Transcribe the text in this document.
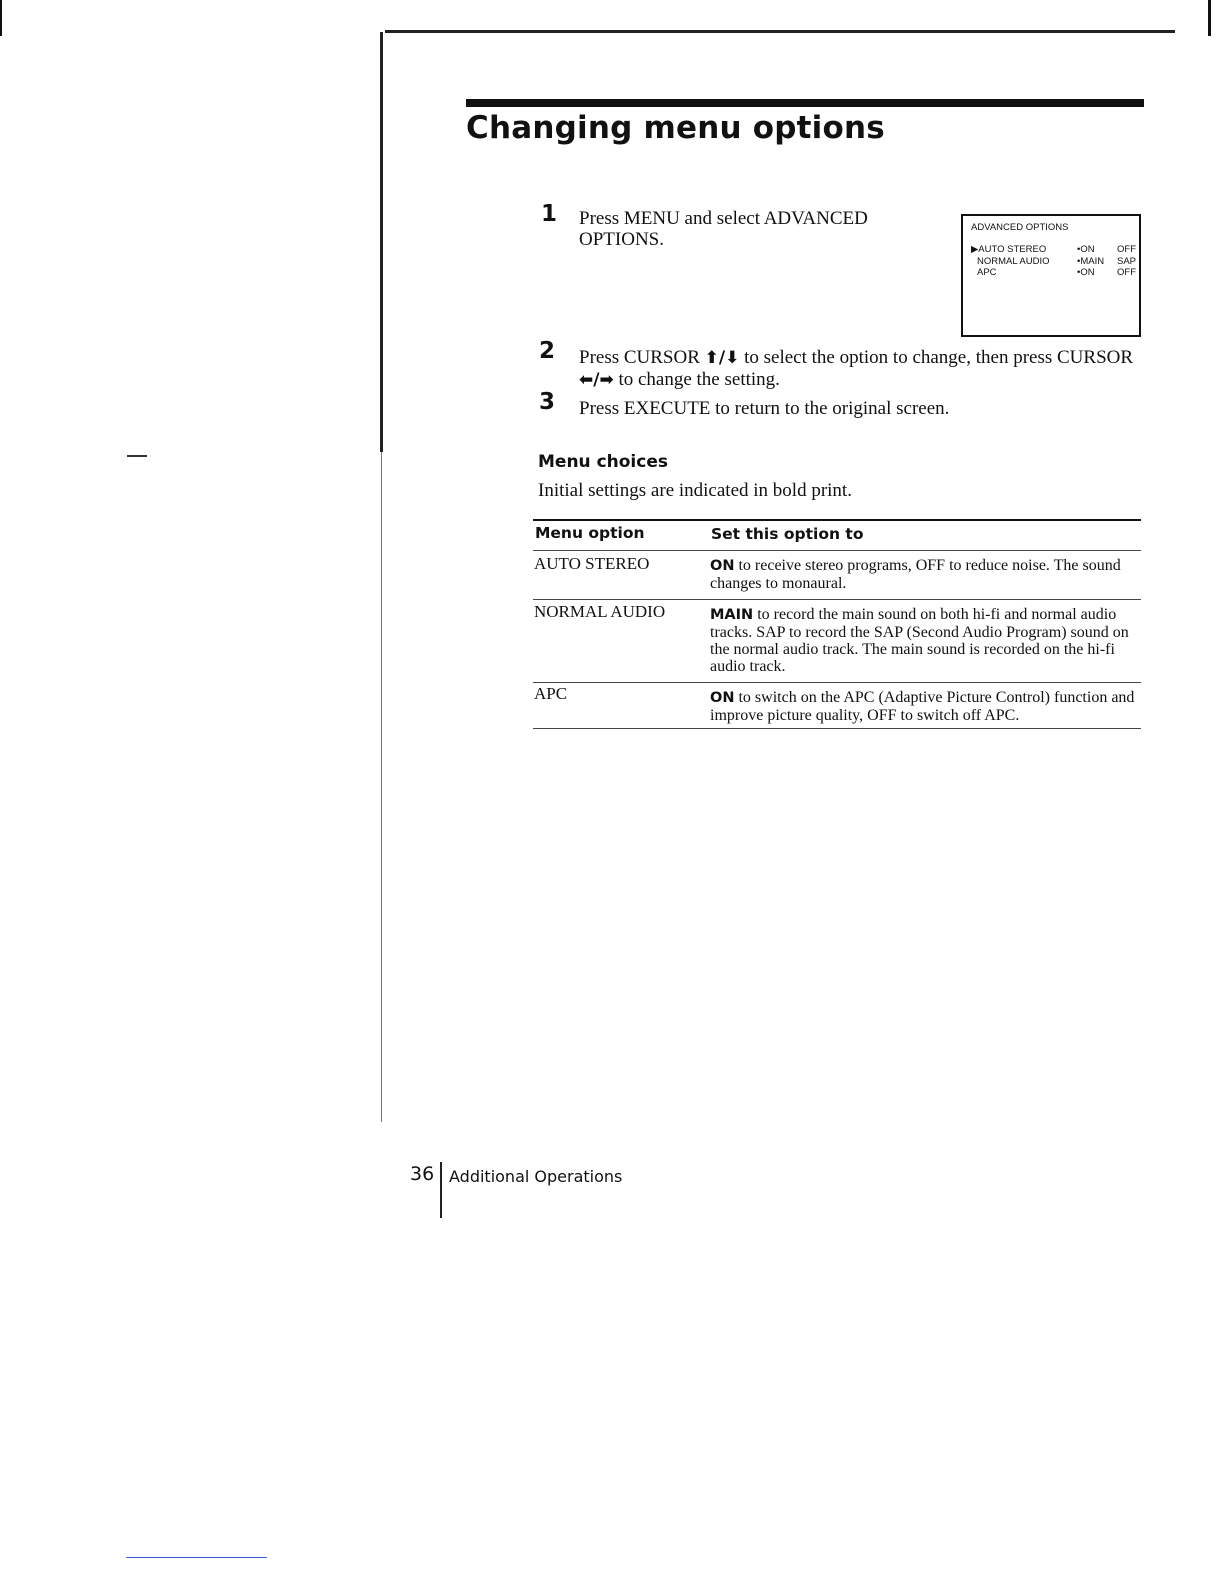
Changing menu options
1 Press MENU and select ADVANCED
OPTIONS.
ADVANCED OPTIONS
▶AUTO STEREO	•ON OFF
NORMAL AUDIO	•MAIN SAP
APC	•ON OFF
2 Press CURSOR ⬆/⬇ to select the option to change, then press CURSOR
⬅/➡ to change the setting.
3 Press EXECUTE to return to the original screen.
Menu choices
Initial settings are indicated in bold print.
Menu option	Set this option to
AUTO STEREO	ON to receive stereo programs, OFF to reduce noise. The sound changes to monaural.
NORMAL AUDIO	MAIN to record the main sound on both hi-fi and normal audio tracks. SAP to record the SAP (Second Audio Program) sound on the normal audio track. The main sound is recorded on the hi-fi audio track.
APC	ON to switch on the APC (Adaptive Picture Control) function and improve picture quality, OFF to switch off APC.
36 Additional Operations
